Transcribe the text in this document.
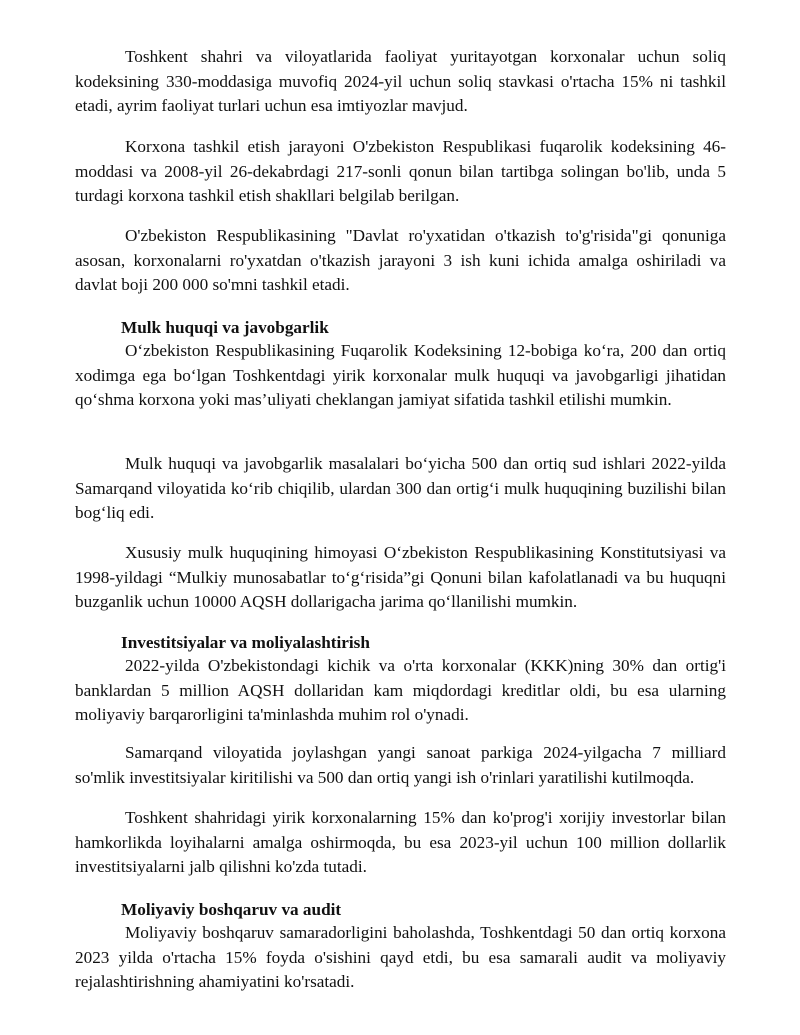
Toshkent shahri va viloyatlarida faoliyat yuritayotgan korxonalar uchun soliq kodeksining 330-moddasiga muvofiq 2024-yil uchun soliq stavkasi o'rtacha 15% ni tashkil etadi, ayrim faoliyat turlari uchun esa imtiyozlar mavjud.

Korxona tashkil etish jarayoni O'zbekiston Respublikasi fuqarolik kodeksining 46-moddasi va 2008-yil 26-dekabrdagi 217-sonli qonun bilan tartibga solingan bo'lib, unda 5 turdagi korxona tashkil etish shakllari belgilab berilgan.

O'zbekiston Respublikasining "Davlat ro'yxatidan o'tkazish to'g'risida"gi qonuniga asosan, korxonalarni ro'yxatdan o'tkazish jarayoni 3 ish kuni ichida amalga oshiriladi va davlat boji 200 000 so'mni tashkil etadi.

Mulk huquqi va javobgarlik

O‘zbekiston Respublikasining Fuqarolik Kodeksining 12-bobiga ko‘ra, 200 dan ortiq xodimga ega bo‘lgan Toshkentdagi yirik korxonalar mulk huquqi va javobgarligi jihatidan qo‘shma korxona yoki mas’uliyati cheklangan jamiyat sifatida tashkil etilishi mumkin.

Mulk huquqi va javobgarlik masalalari bo‘yicha 500 dan ortiq sud ishlari 2022-yilda Samarqand viloyatida ko‘rib chiqilib, ulardan 300 dan ortig‘i mulk huquqining buzilishi bilan bog‘liq edi.

Xususiy mulk huquqining himoyasi O‘zbekiston Respublikasining Konstitutsiyasi va 1998-yildagi “Mulkiy munosabatlar to‘g‘risida”gi Qonuni bilan kafolatlanadi va bu huquqni buzganlik uchun 10000 AQSH dollarigacha jarima qo‘llanilishi mumkin.

Investitsiyalar va moliyalashtirish

2022-yilda O'zbekistondagi kichik va o'rta korxonalar (KKK)ning 30% dan ortig'i banklardan 5 million AQSH dollaridan kam miqdordagi kreditlar oldi, bu esa ularning moliyaviy barqarorligini ta'minlashda muhim rol o'ynadi.

Samarqand viloyatida joylashgan yangi sanoat parkiga 2024-yilgacha 7 milliard so'mlik investitsiyalar kiritilishi va 500 dan ortiq yangi ish o'rinlari yaratilishi kutilmoqda.

Toshkent shahridagi yirik korxonalarning 15% dan ko'prog'i xorijiy investorlar bilan hamkorlikda loyihalarni amalga oshirmoqda, bu esa 2023-yil uchun 100 million dollarlik investitsiyalarni jalb qilishni ko'zda tutadi.

Moliyaviy boshqaruv va audit

Moliyaviy boshqaruv samaradorligini baholashda, Toshkentdagi 50 dan ortiq korxona 2023 yilda o'rtacha 15% foyda o'sishini qayd etdi, bu esa samarali audit va moliyaviy rejalashtirishning ahamiyatini ko'rsatadi.
